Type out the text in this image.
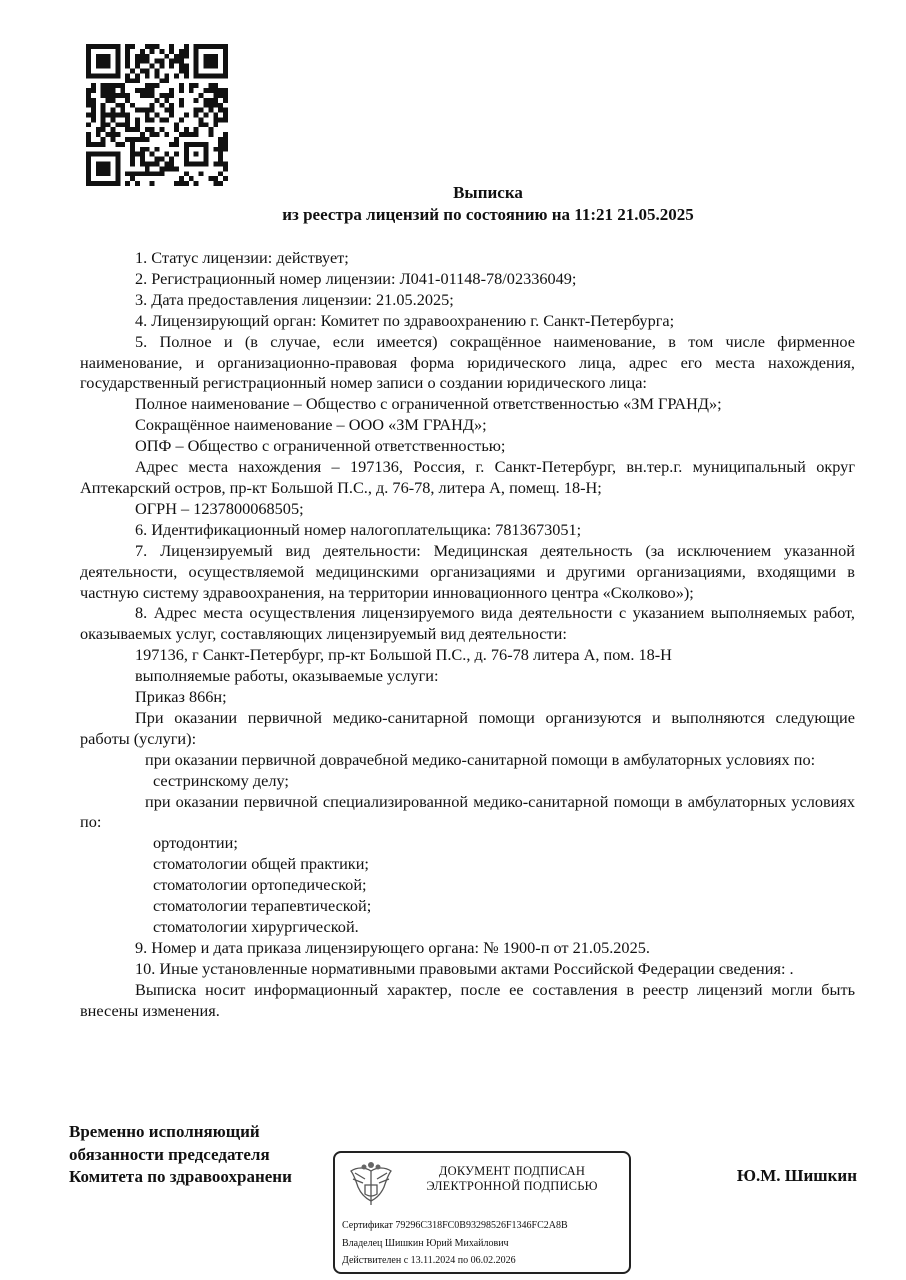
Выписка
из реестра лицензий по состоянию на 11:21 21.05.2025

1. Статус лицензии: действует;

2. Регистрационный номер лицензии: Л041-01148-78/02336049;

3. Дата предоставления лицензии: 21.05.2025;

4. Лицензирующий орган: Комитет по здравоохранению г. Санкт-Петербурга;

5. Полное и (в случае, если имеется) сокращённое наименование, в том числе фирменное наименование, и организационно-правовая форма юридического лица, адрес его места нахождения, государственный регистрационный номер записи о создании юридического лица:

Полное наименование – Общество с ограниченной ответственностью «ЗМ ГРАНД»;

Сокращённое наименование – ООО «ЗМ ГРАНД»;

ОПФ – Общество с ограниченной ответственностью;

Адрес места нахождения – 197136, Россия, г. Санкт-Петербург, вн.тер.г. муниципальный округ Аптекарский остров, пр-кт Большой П.С., д. 76-78, литера А, помещ. 18-Н;

ОГРН – 1237800068505;

6. Идентификационный номер налогоплательщика: 7813673051;

7. Лицензируемый вид деятельности: Медицинская деятельность (за исключением указанной деятельности, осуществляемой медицинскими организациями и другими организациями, входящими в частную систему здравоохранения, на территории инновационного центра «Сколково»);

8. Адрес места осуществления лицензируемого вида деятельности с указанием выполняемых работ, оказываемых услуг, составляющих лицензируемый вид деятельности:

197136, г Санкт-Петербург, пр-кт Большой П.С., д. 76-78 литера А, пом. 18-Н

выполняемые работы, оказываемые услуги:

Приказ 866н;

При оказании первичной медико-санитарной помощи организуются и выполняются следующие работы (услуги):

при оказании первичной доврачебной медико-санитарной помощи в амбулаторных условиях по:

сестринскому делу;

при оказании первичной специализированной медико-санитарной помощи в амбулаторных условиях по:

ортодонтии;

стоматологии общей практики;

стоматологии ортопедической;

стоматологии терапевтической;

стоматологии хирургической.

9. Номер и дата приказа лицензирующего органа: № 1900-п от 21.05.2025.

10. Иные установленные нормативными правовыми актами Российской Федерации сведения: .

Выписка носит информационный характер, после ее составления в реестр лицензий могли быть внесены изменения.

Временно исполняющий
обязанности председателя
Комитета по здравоохранени	ДОКУМЕНТ ПОДПИСАН
ЭЛЕКТРОННОЙ ПОДПИСЬЮ
Сертификат 79296C318FC0B93298526F1346FC2A8B
Владелец Шишкин Юрий Михайлович
Действителен с 13.11.2024 по 06.02.2026
Ю.М. Шишкин
